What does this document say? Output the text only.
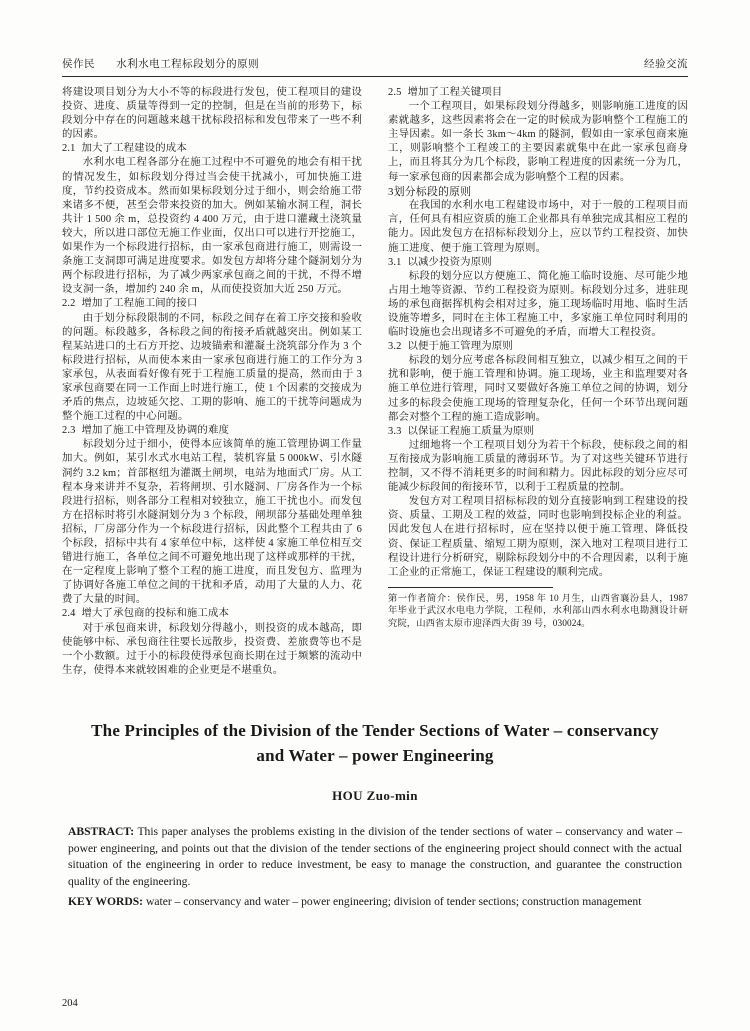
侯作民 水利水电工程标段划分的原则	经验交流

将建设项目划分为大小不等的标段进行发包，使工程项目的建设投资、进度、质量等得到一定的控制，但是在当前的形势下，标段划分中存在的问题越来越干扰标段招标和发包带来了一些不利的因素。

2.1 加大了工程建设的成本

水利水电工程各部分在施工过程中不可避免的地会有相干扰的情况发生，如标段划分得过当会使干扰减小，可加快施工进度，节约投资成本。然而如果标段划分过于细小，则会给施工带来诸多不便，甚至会带来投资的加大。例如某输水洞工程，洞长共计 1 500 余 m，总投资约 4 400 万元，由于进口灌藏土浇筑量较大，所以进口部位无施工作业面，仅出口可以进行开挖施工，如果作为一个标段进行招标，由一家承包商进行施工，则需设一条施工支洞即可满足进度要求。如发包方却将分建个隧洞划分为两个标段进行招标，为了减少两家承包商之间的干扰，不得不增设支洞一条，增加约 240 余 m，从而使投资加大近 250 万元。

2.2 增加了工程施工间的接口

由于划分标段限制的不同，标段之间存在着工序交接和验收的问题。标段越多，各标段之间的衔接矛盾就越突出。例如某工程某站进口的土石方开挖、边坡锚索和灌凝土浇筑部分作为 3 个标段进行招标，从而使本来由一家承包商进行施工的工作分为 3 家承包，从表面看好像有死于工程施工质量的提高，然而由于 3 家承包商要在同一工作面上时进行施工，使 1 个因素的交接成为矛盾的焦点，边坡延欠挖、工期的影响、施工的干扰等问题成为整个施工过程的中心问题。

2.3 增加了施工中管理及协调的难度

标段划分过于细小，使得本应该简单的施工管理协调工作量加大。例如，某引水式水电站工程，装机容量 5 000kW、引水隧洞约 3.2 km；首部枢纽为灌溉土闸坝，电站为地面式厂房。从工程本身来讲并不复杂，若将闸坝、引水隧洞、厂房各作为一个标段进行招标，则各部分工程相对较独立，施工干扰也小。而发包方在招标时将引水隧洞划分为 3 个标段，闸坝部分基础处理单独招标，厂房部分作为一个标段进行招标，因此整个工程共由了 6 个标段，招标中共有 4 家单位中标，这样使 4 家施工单位相互交错进行施工，各单位之间不可避免地出现了这样或那样的干扰，在一定程度上影响了整个工程的施工进度，而且发包方、监理为了协调好各施工单位之间的干扰和矛盾，动用了大量的人力、花费了大量的时间。

2.4 增大了承包商的投标和施工成本

对于承包商来讲，标段划分得越小，则投资的成本越高，即使能够中标、承包商往往要长远散步，投资费、差旅费等也不是一个小数额。过于小的标段使得承包商长期在过于频繁的流动中生存，使得本来就较困难的企业更是不堪重负。

2.5 增加了工程关键项目

一个工程项目，如果标段划分得越多，则影响施工进度的因素就越多，这些因素将会在一定的时候成为影响整个工程施工的主导因素。如一条长 3km～4km 的隧洞，假如由一家承包商来施工，则影响整个工程竣工的主要因素就集中在此一家承包商身上，而且将其分为几个标段，影响工程进度的因素统一分为几，每一家承包商的因素都会成为影响整个工程的因素。

3划分标段的原则

在我国的水利水电工程建设市场中，对于一般的工程项目而言，任何具有相应资质的施工企业都具有单独完成其相应工程的能力。因此发包方在招标标段划分上，应以节约工程投资、加快施工进度、便于施工管理为原则。

3.1 以减少投资为原则

标段的划分应以方便施工、简化施工临时设施、尽可能少地占用土地等资源、节约工程投资为原则。标段划分过多，进驻现场的承包商据挥机构会相对过多，施工现场临时用地、临时生活设施等增多，同时在主体工程施工中，多家施工单位同时利用的临时设施也会出现诸多不可避免的矛盾，而增大工程投资。

3.2 以便于施工管理为原则

标段的划分应考虑各标段间相互独立，以减少相互之间的干扰和影响，便于施工管理和协调。施工现场，业主和监理要对各施工单位进行管理，同时又要做好各施工单位之间的协调，划分过多的标段会使施工现场的管理复杂化，任何一个环节出现问题都会对整个工程的施工造成影响。

3.3 以保证工程施工质量为原则

过细地将一个工程项目划分为若干个标段，使标段之间的相互衔接成为影响施工质量的薄弱环节。为了对这些关键环节进行控制，又不得不消耗更多的时间和精力。因此标段的划分应尽可能减少标段间的衔接环节，以利于工程质量的控制。

发包方对工程项目招标标段的划分直接影响到工程建设的投资、质量、工期及工程的效益，同时也影响到投标企业的利益。因此发包人在进行招标时，应在坚持以便于施工管理、降低投资、保证工程质量、缩短工期为原则，深入地对工程项目进行工程设计进行分析研究，剔除标段划分中的不合理因素，以利于施工企业的正常施工，保证工程建设的顺利完成。

第一作者简介：侯作民，男，1958 年 10 月生，山西省襄汾县人，1987 年毕业于武汉水电电力学院，工程师，水利部山西水利水电勘测设计研究院，山西省太原市迎泽西大街 39 号，030024。

The Principles of the Division of the Tender Sections of Water – conservancy
and Water – power Engineering
HOU Zuo-min

ABSTRACT: This paper analyses the problems existing in the division of the tender sections of water – conservancy and water – power engineering, and points out that the division of the tender sections of the engineering project should connect with the actual situation of the engineering in order to reduce investment, be easy to manage the construction, and guarantee the construction quality of the engineering.

KEY WORDS: water – conservancy and water – power engineering; division of tender sections; construction management

204
